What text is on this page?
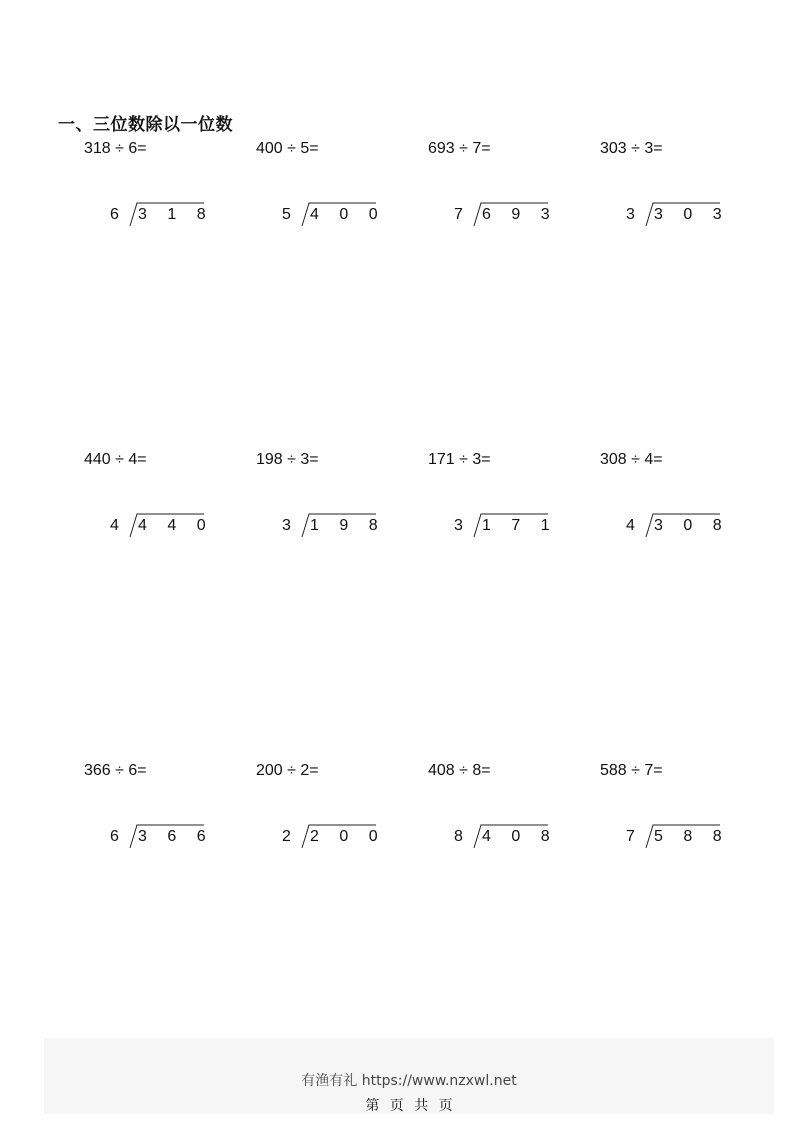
一、三位数除以一位数
318 ÷ 6=
6 3 1 8
400 ÷ 5=
5 4 0 0
693 ÷ 7=
7 6 9 3
303 ÷ 3=
3 3 0 3
440 ÷ 4=
4 4 4 0
198 ÷ 3=
3 1 9 8
171 ÷ 3=
3 1 7 1
308 ÷ 4=
4 3 0 8
366 ÷ 6=
6 3 6 6
200 ÷ 2=
2 2 0 0
408 ÷ 8=
8 4 0 8
588 ÷ 7=
7 5 8 8
有渔有礼 https://www.nzxwl.net
第 页 共 页
